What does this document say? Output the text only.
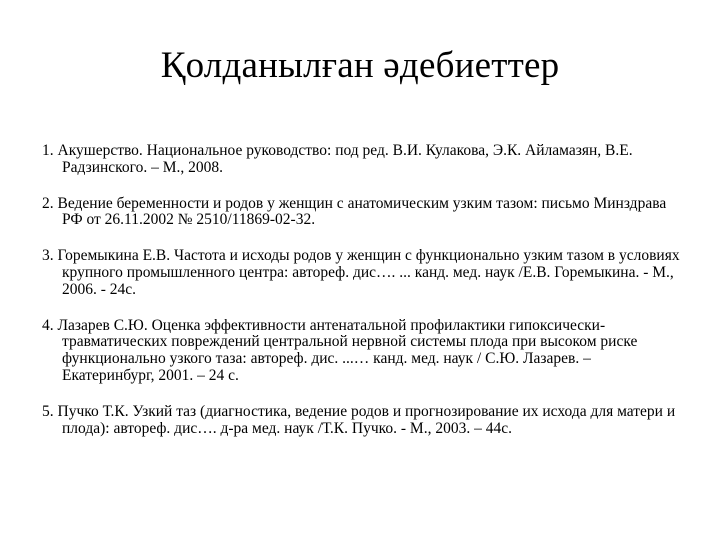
Қолданылған әдебиеттер
1. Акушерство. Национальное руководство: под ред. В.И. Кулакова, Э.К. Айламазян, В.Е. Радзинского. – М., 2008.
2. Ведение беременности и родов у женщин с анатомическим узким тазом: письмо Минздрава РФ от 26.11.2002 № 2510/11869-02-32.
3. Горемыкина Е.В. Частота и исходы родов у женщин с функционально узким тазом в условиях крупного промышленного центра: автореф. дис…. ... канд. мед. наук /Е.В. Горемыкина. - М., 2006. - 24с.
4. Лазарев С.Ю. Оценка эффективности антенатальной профилактики гипоксически-травматических повреждений центральной нервной системы плода при высоком риске функционально узкого таза: автореф. дис. ...… канд. мед. наук / С.Ю. Лазарев. – Екатеринбург, 2001. – 24 с.
5. Пучко Т.К. Узкий таз (диагностика, ведение родов и прогнозирование их исхода для матери и плода): автореф. дис…. д-ра мед. наук /Т.К. Пучко. - М., 2003. – 44с.
